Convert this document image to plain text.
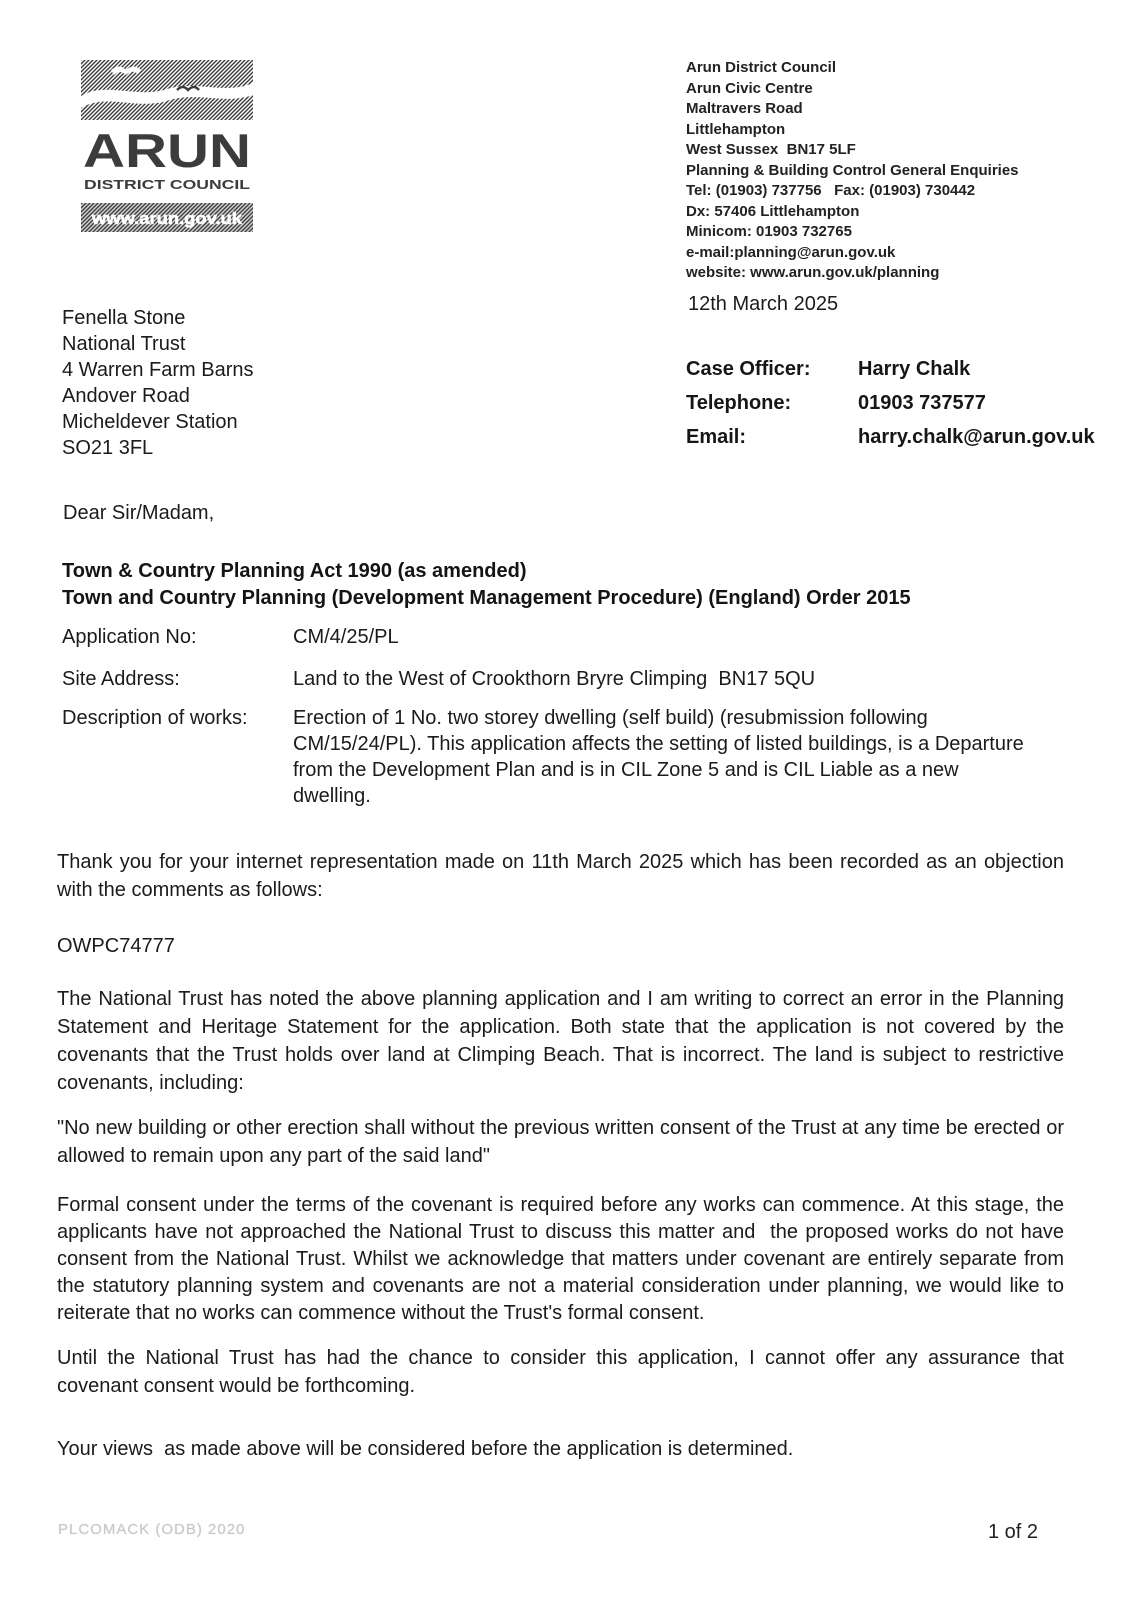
ARUN
DISTRICT COUNCIL
www.arun.gov.uk
Arun District Council
Arun Civic Centre
Maltravers Road
Littlehampton
West Sussex  BN17 5LF
Planning & Building Control General Enquiries
Tel: (01903) 737756   Fax: (01903) 730442
Dx: 57406 Littlehampton
Minicom: 01903 732765
e-mail:planning@arun.gov.uk
website: www.arun.gov.uk/planning
12th March 2025
Case Officer:	Harry Chalk
Telephone:	01903 737577
Email:	harry.chalk@arun.gov.uk
Fenella Stone
National Trust
4 Warren Farm Barns
Andover Road
Micheldever Station
SO21 3FL
Dear Sir/Madam,
Town & Country Planning Act 1990 (as amended)
Town and Country Planning (Development Management Procedure) (England) Order 2015
Application No:	CM/4/25/PL
Site Address:	Land to the West of Crookthorn Bryre Climping  BN17 5QU
Description of works:	Erection of 1 No. two storey dwelling (self build) (resubmission following CM/15/24/PL). This application affects the setting of listed buildings, is a Departure from the Development Plan and is in CIL Zone 5 and is CIL Liable as a new dwelling.
Thank you for your internet representation made on 11th March 2025 which has been recorded as an objection with the comments as follows:
OWPC74777
The National Trust has noted the above planning application and I am writing to correct an error in the Planning Statement and Heritage Statement for the application. Both state that the application is not covered by the covenants that the Trust holds over land at Climping Beach. That is incorrect. The land is subject to restrictive covenants, including:
"No new building or other erection shall without the previous written consent of the Trust at any time be erected or allowed to remain upon any part of the said land"
Formal consent under the terms of the covenant is required before any works can commence. At this stage, the applicants have not approached the National Trust to discuss this matter and  the proposed works do not have consent from the National Trust. Whilst we acknowledge that matters under covenant are entirely separate from the statutory planning system and covenants are not a material consideration under planning, we would like to reiterate that no works can commence without the Trust's formal consent.
Until the National Trust has had the chance to consider this application, I cannot offer any assurance that covenant consent would be forthcoming.
Your views  as made above will be considered before the application is determined.
PLCOMACK (ODB) 2020	1 of 2
